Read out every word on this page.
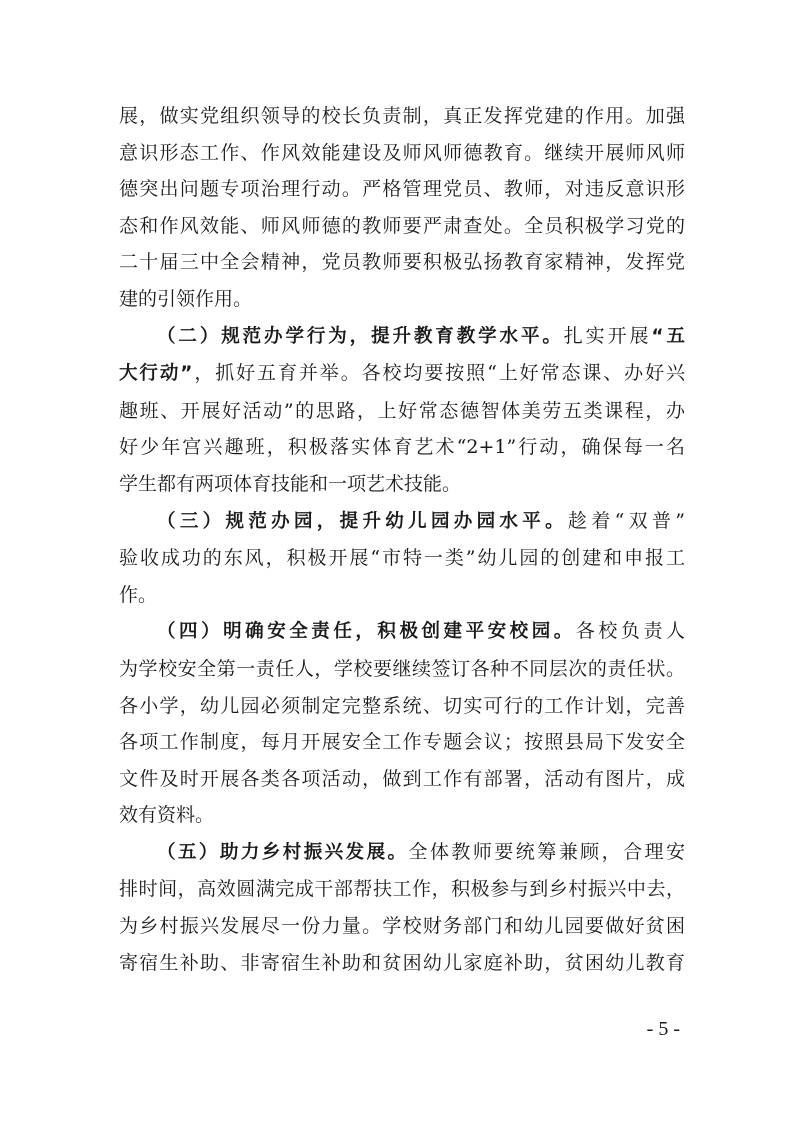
展，做实党组织领导的校长负责制，真正发挥党建的作用。加强
意识形态工作、作风效能建设及师风师德教育。继续开展师风师
德突出问题专项治理行动。严格管理党员、教师，对违反意识形
态和作风效能、师风师德的教师要严肃查处。全员积极学习党的
二十届三中全会精神，党员教师要积极弘扬教育家精神，发挥党
建的引领作用。
（二）规范办学行为，提升教育教学水平。扎实开展“五
大行动”，抓好五育并举。各校均要按照“上好常态课、办好兴
趣班、开展好活动”的思路，上好常态德智体美劳五类课程，办
好少年宫兴趣班，积极落实体育艺术“2+1”行动，确保每一名
学生都有两项体育技能和一项艺术技能。
（三）规范办园，提升幼儿园办园水平。趁着“双普”
验收成功的东风，积极开展“市特一类”幼儿园的创建和申报工
作。
（四）明确安全责任，积极创建平安校园。各校负责人
为学校安全第一责任人，学校要继续签订各种不同层次的责任状。
各小学，幼儿园必须制定完整系统、切实可行的工作计划，完善
各项工作制度，每月开展安全工作专题会议；按照县局下发安全
文件及时开展各类各项活动，做到工作有部署，活动有图片，成
效有资料。
（五）助力乡村振兴发展。全体教师要统筹兼顾，合理安
排时间，高效圆满完成干部帮扶工作，积极参与到乡村振兴中去，
为乡村振兴发展尽一份力量。学校财务部门和幼儿园要做好贫困
寄宿生补助、非寄宿生补助和贫困幼儿家庭补助，贫困幼儿教育
- 5 -
